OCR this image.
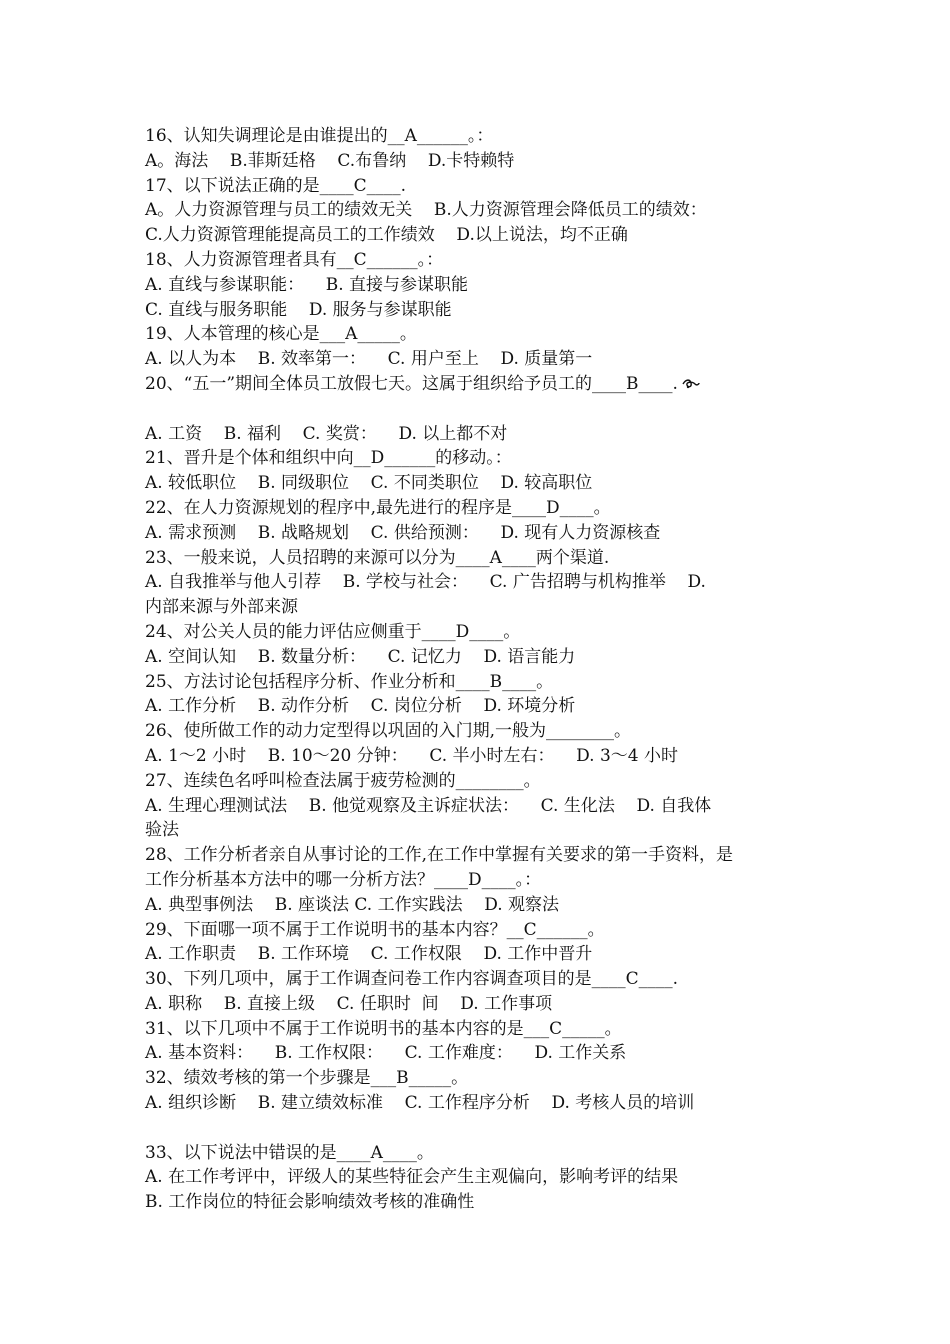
16、认知失调理论是由谁提出的__A______。：
A。海法    B.菲斯廷格    C.布鲁纳    D.卡特赖特
17、以下说法正确的是____C____.
A。人力资源管理与员工的绩效无关    B.人力资源管理会降低员工的绩效：
C.人力资源管理能提高员工的工作绩效    D.以上说法，均不正确
18、人力资源管理者具有__C______。：
A. 直线与参谋职能：    B. 直接与参谋职能
C. 直线与服务职能    D. 服务与参谋职能
19、人本管理的核心是___A_____。
A. 以人为本    B. 效率第一：    C. 用户至上    D. 质量第一
20、“五一”期间全体员工放假七天。这属于组织给予员工的____B____.
A. 工资    B. 福利    C. 奖赏：    D. 以上都不对
21、晋升是个体和组织中向__D______的移动。：
A. 较低职位    B. 同级职位    C. 不同类职位    D. 较高职位
22、在人力资源规划的程序中,最先进行的程序是____D____。
A. 需求预测    B. 战略规划    C. 供给预测：    D. 现有人力资源核查
23、一般来说，人员招聘的来源可以分为____A____两个渠道.
A. 自我推举与他人引荐    B. 学校与社会：    C. 广告招聘与机构推举    D.
内部来源与外部来源
24、对公关人员的能力评估应侧重于____D____。
A. 空间认知    B. 数量分析：    C. 记忆力    D. 语言能力
25、方法讨论包括程序分析、作业分析和____B____。
A. 工作分析    B. 动作分析    C. 岗位分析    D. 环境分析
26、使所做工作的动力定型得以巩固的入门期,一般为________。
A. 1～2 小时    B. 10～20 分钟：    C. 半小时左右：    D. 3～4 小时
27、连续色名呼叫检查法属于疲劳检测的________。
A. 生理心理测试法    B. 他觉观察及主诉症状法：    C. 生化法    D. 自我体
验法
28、工作分析者亲自从事讨论的工作,在工作中掌握有关要求的第一手资料，是
工作分析基本方法中的哪一分析方法？____D____。：
A. 典型事例法    B. 座谈法 C. 工作实践法    D. 观察法
29、下面哪一项不属于工作说明书的基本内容？__C______。
A. 工作职责    B. 工作环境    C. 工作权限    D. 工作中晋升
30、下列几项中，属于工作调查问卷工作内容调查项目的是____C____.
A. 职称    B. 直接上级    C. 任职时  间    D. 工作事项
31、以下几项中不属于工作说明书的基本内容的是___C_____。
A. 基本资料：    B. 工作权限：    C. 工作难度：    D. 工作关系
32、绩效考核的第一个步骤是___B_____。
A. 组织诊断    B. 建立绩效标准    C. 工作程序分析    D. 考核人员的培训
33、以下说法中错误的是____A____。
A. 在工作考评中，评级人的某些特征会产生主观偏向，影响考评的结果
B. 工作岗位的特征会影响绩效考核的准确性
